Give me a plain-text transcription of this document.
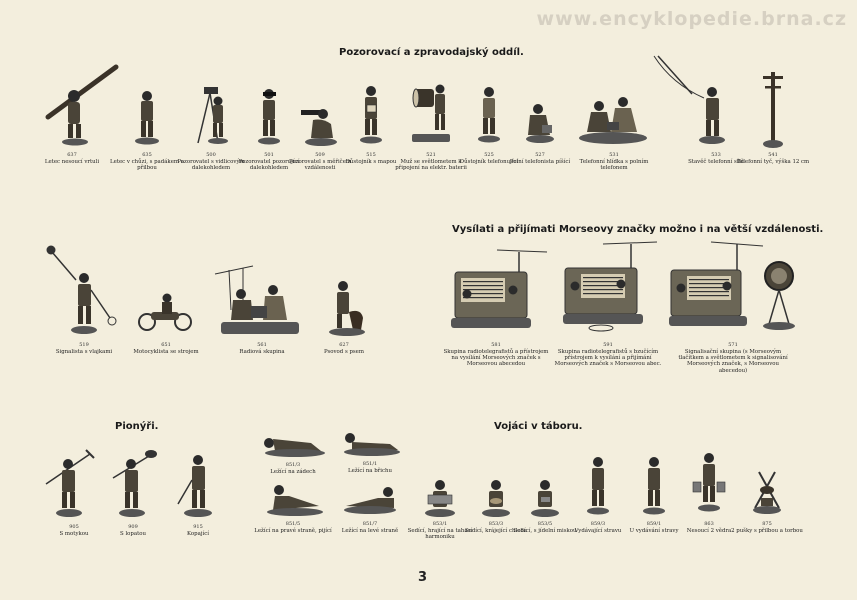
www.encyklopedie.brna.cz
Pozorovací a zpravodajský oddíl.
Vysílati a přijímati Morseovy značky možno i na větší vzdálenosti.
Pionýři.	Vojáci v táboru.
637
Letec nesoucí vrtuli
635
Letec v chůzi, s padákem a přilbou
500
Pozorovatel s vidlicovým dalekohledem
501
Pozorovatel pozorující dalekohledem
509
Pozorovatel s měřičem vzdálenosti
515
Důstojník s mapou
521
Muž se světlometem k připojení na elektr. baterii
525
Důstojník telefonující
527
Polní telefonista píšící
531
Telefonní hlídka s polním telefonem
533
Stavěč telefonní sítě
541
Telefonní tyč, výška 12 cm
519
Signalista s vlajkami
651
Motocyklista se strojem
561
Radiová skupina
627
Psovod s psem
581
Skupina radiotelegrafistů a přístrojem na vysílání Morseových značek s Morseovou abecedou
591
Skupina radiotelegrafistů s bzučícím přístrojem k vysílání a přijímání Morseových značek s Morseovou abec.
571
Signalisační skupina (s Morseovým tlačítkem a světlometem k signalisování Morseových značek, s Morseovou abecedou)
905
S motykou
909
S lopatou
915
Kopající
851/3
Ležící na zádech
851/1
Ležící na břichu
851/5
Ležící na pravé straně, pijící
851/7
Ležící na levé straně
853/1
Sedící, hrající na tahací harmoniku
853/3
Sedící, krájející chleba
853/5
Sedící, s jídelní miskou
859/3
Vydávající stravu
859/1
U vydávání stravy
863
Nesoucí 2 vědra
875
2 pušky s přilbou a torbou
3
